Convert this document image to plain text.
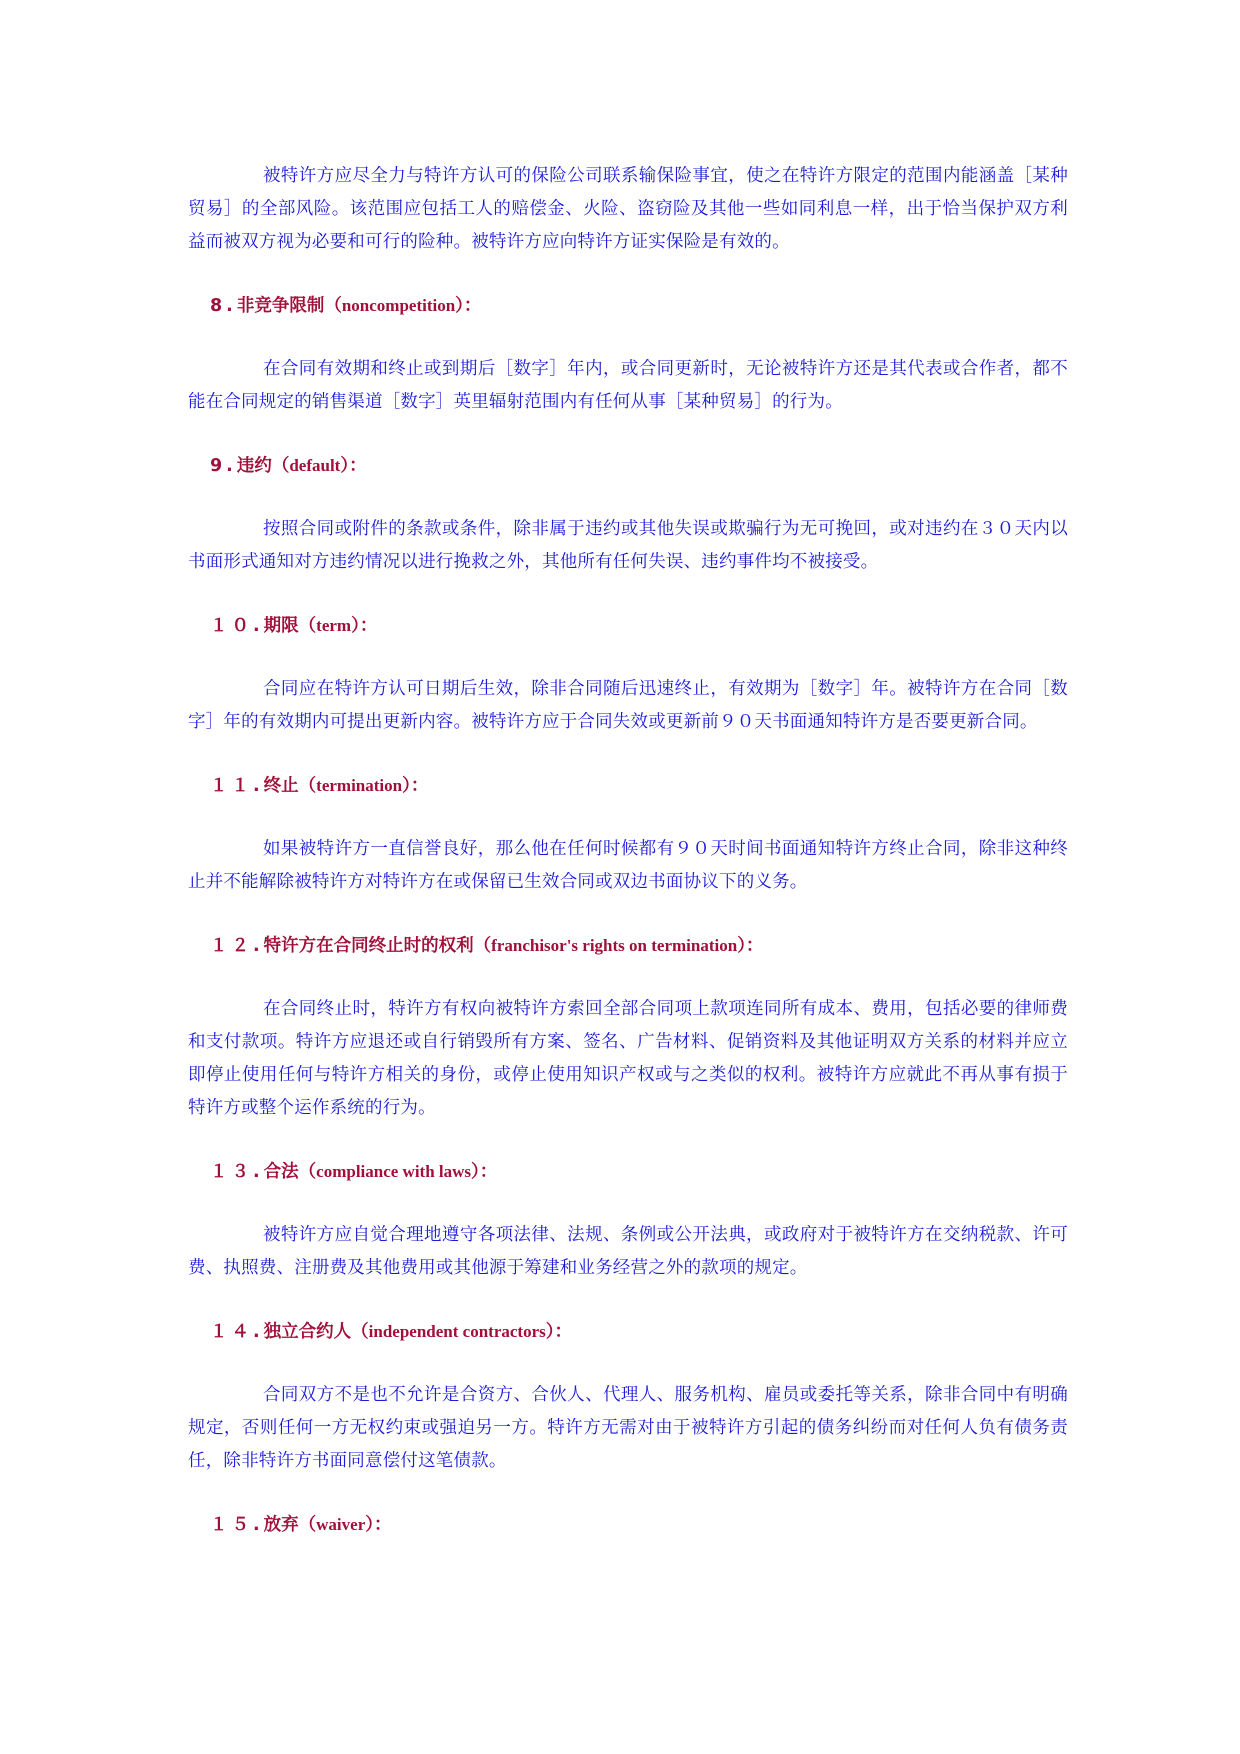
被特许方应尽全力与特许方认可的保险公司联系输保险事宜，使之在特许方限定的范围内能涵盖［某种贸易］的全部风险。该范围应包括工人的赔偿金、火险、盗窃险及其他一些如同利息一样，出于恰当保护双方利益而被双方视为必要和可行的险种。被特许方应向特许方证实保险是有效的。

8.非竞争限制（noncompetition）：

在合同有效期和终止或到期后［数字］年内，或合同更新时，无论被特许方还是其代表或合作者，都不能在合同规定的销售渠道［数字］英里辐射范围内有任何从事［某种贸易］的行为。

9.违约（default）：

按照合同或附件的条款或条件，除非属于违约或其他失误或欺骗行为无可挽回，或对违约在３０天内以书面形式通知对方违约情况以进行挽救之外，其他所有任何失误、违约事件均不被接受。

１０.期限（term）：

合同应在特许方认可日期后生效，除非合同随后迅速终止，有效期为［数字］年。被特许方在合同［数字］年的有效期内可提出更新内容。被特许方应于合同失效或更新前９０天书面通知特许方是否要更新合同。

１１.终止（termination）：

如果被特许方一直信誉良好，那么他在任何时候都有９０天时间书面通知特许方终止合同，除非这种终止并不能解除被特许方对特许方在或保留已生效合同或双边书面协议下的义务。

１２.特许方在合同终止时的权利（franchisor's rights on termination）：

在合同终止时，特许方有权向被特许方索回全部合同项上款项连同所有成本、费用，包括必要的律师费和支付款项。特许方应退还或自行销毁所有方案、签名、广告材料、促销资料及其他证明双方关系的材料并应立即停止使用任何与特许方相关的身份，或停止使用知识产权或与之类似的权利。被特许方应就此不再从事有损于特许方或整个运作系统的行为。

１３.合法（compliance with laws）：

被特许方应自觉合理地遵守各项法律、法规、条例或公开法典，或政府对于被特许方在交纳税款、许可费、执照费、注册费及其他费用或其他源于筹建和业务经营之外的款项的规定。

１４.独立合约人（independent contractors）：

合同双方不是也不允许是合资方、合伙人、代理人、服务机构、雇员或委托等关系，除非合同中有明确规定，否则任何一方无权约束或强迫另一方。特许方无需对由于被特许方引起的债务纠纷而对任何人负有债务责任，除非特许方书面同意偿付这笔债款。

１５.放弃（waiver）：
